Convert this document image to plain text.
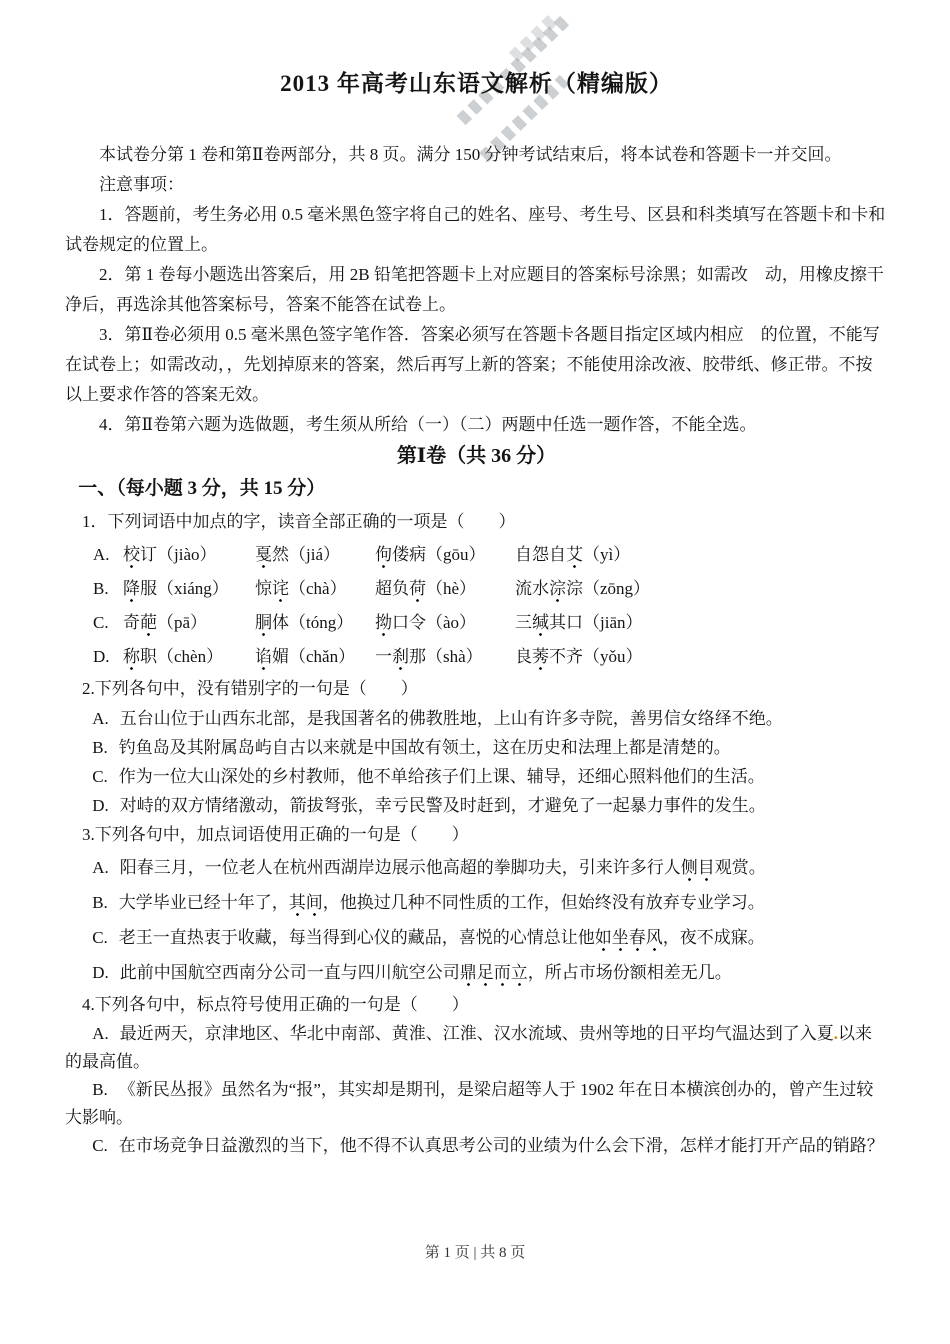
2013 年高考山东语文解析（精编版）

本试卷分第 1 卷和第Ⅱ卷两部分，共 8 页。满分 150 分钟考试结束后，将本试卷和答题卡一并交回。

注意事项：

1．答题前，考生务必用 0.5 毫米黑色签字将自己的姓名、座号、考生号、区县和科类填写在答题卡和卡和试卷规定的位置上。

2．第 1 卷每小题选出答案后，用 2B 铅笔把答题卡上对应题目的答案标号涂黑；如需改　动，用橡皮擦干净后，再选涂其他答案标号，答案不能答在试卷上。

3．第Ⅱ卷必须用 0.5 毫米黑色签字笔作答．答案必须写在答题卡各题目指定区域内相应　的位置，不能写在试卷上；如需改动，，先划掉原来的答案，然后再写上新的答案；不能使用涂改液、胶带纸、修正带。不按以上要求作答的答案无效。

4．第Ⅱ卷第六题为选做题，考生须从所给（一）（二）两题中任选一题作答，不能全选。

第Ⅰ卷（共 36 分）
一、（每小题 3 分，共 15 分）

1．下列词语中加点的字，读音全部正确的一项是（　　）

A. 校订（jiào）	戛然（jiá）	佝偻病（gōu）	自怨自艾（yì）
B. 降服（xiáng）	惊诧（chà）	超负荷（hè）	流水淙淙（zōng）
C. 奇葩（pā）	胴体（tóng）	拗口令（ào）	三缄其口（jiān）
D. 称职（chèn）	谄媚（chǎn）	一刹那（shà）	良莠不齐（yǒu）

2.下列各句中，没有错别字的一句是（　　）

A. 五台山位于山西东北部，是我国著名的佛教胜地，上山有许多寺院，善男信女络绎不绝。

B. 钓鱼岛及其附属岛屿自古以来就是中国故有领土，这在历史和法理上都是清楚的。

C. 作为一位大山深处的乡村教师，他不单给孩子们上课、辅导，还细心照料他们的生活。

D. 对峙的双方情绪激动，箭拔弩张，幸亏民警及时赶到，才避免了一起暴力事件的发生。

3.下列各句中，加点词语使用正确的一句是（　　）

A. 阳春三月，一位老人在杭州西湖岸边展示他高超的拳脚功夫，引来许多行人侧目观赏。

B. 大学毕业已经十年了，其间，他换过几种不同性质的工作，但始终没有放弃专业学习。

C. 老王一直热衷于收藏，每当得到心仪的藏品，喜悦的心情总让他如坐春风，夜不成寐。

D. 此前中国航空西南分公司一直与四川航空公司鼎足而立，所占市场份额相差无几。

4.下列各句中，标点符号使用正确的一句是（　　）

A. 最近两天，京津地区、华北中南部、黄淮、江淮、汉水流域、贵州等地的日平均气温达到了入夏.以来的最高值。

B. 《新民丛报》虽然名为“报”，其实却是期刊，是梁启超等人于 1902 年在日本横滨创办的，曾产生过较大影响。

C. 在市场竞争日益激烈的当下，他不得不认真思考公司的业绩为什么会下滑，怎样才能打开产品的销路？

第 1 页 | 共 8 页
